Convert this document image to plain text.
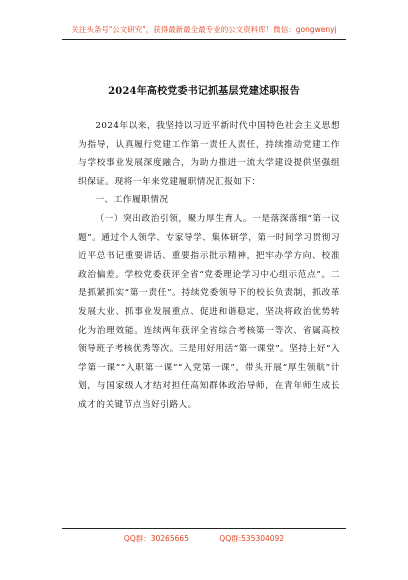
关注头条号"公文研究"，获得最新最全最专业的公文资料库！微信：gongwenyj
2024年高校党委书记抓基层党建述职报告

2024年以来，我坚持以习近平新时代中国特色社会主义思想为指导，认真履行党建工作第一责任人责任，持续推动党建工作与学校事业发展深度融合，为助力推进一流大学建设提供坚强组织保证。现将一年来党建履职情况汇报如下：

一、工作履职情况

（一）突出政治引领，聚力厚生育人。一是落深落细“第一议题”。通过个人领学、专家导学、集体研学，第一时间学习贯彻习近平总书记重要讲话、重要指示批示精神，把牢办学方向、校准政治偏差。学校党委获评全省“党委理论学习中心组示范点”。二是抓紧抓实“第一责任”。持续党委领导下的校长负责制，抓改革发展大业、抓事业发展重点、促进和谐稳定，坚决将政治优势转化为治理效能。连续两年获评全省综合考核第一等次、省属高校领导班子考核优秀等次。三是用好用活“第一课堂”。坚持上好“入学第一课”“入职第一课”“入党第一课”，带头开展“厚生领航”计划，与国家级人才结对担任高知群体政治导师，在青年师生成长成才的关键节点当好引路人。

QQ群：30265665	QQ群:535304092
